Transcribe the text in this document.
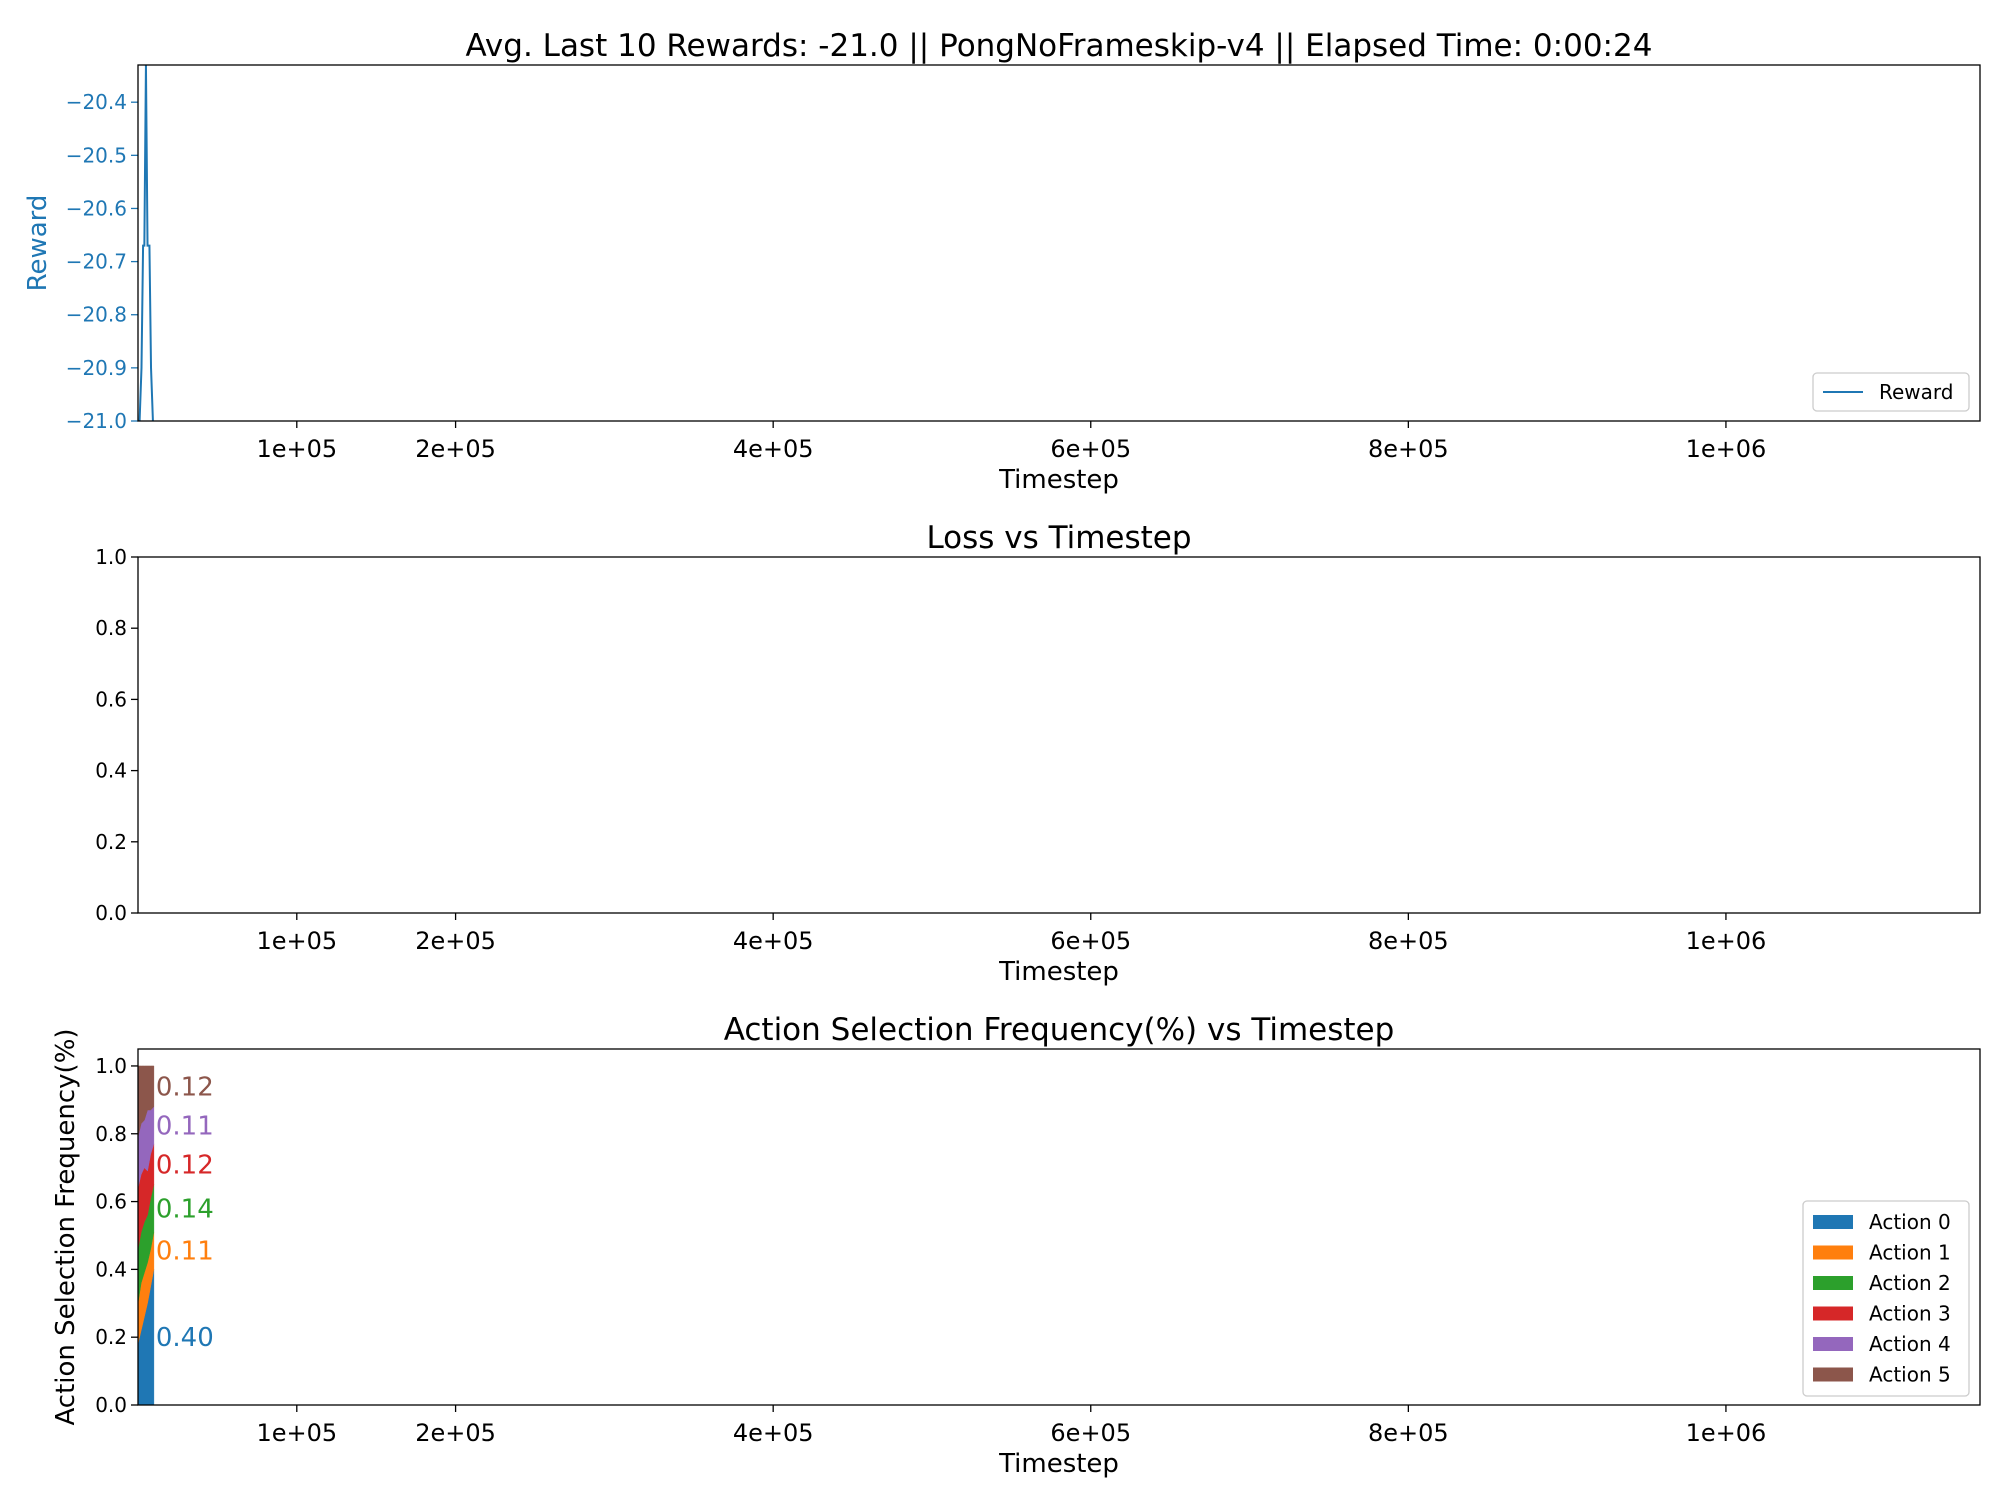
Avg. Last 10 Rewards: -21.0 || PongNoFrameskip-v4 || Elapsed Time: 0:00:24
1e+05	2e+05	4e+05	6e+05	8e+05	1e+06
Timestep
−21.0
−20.9
−20.8
−20.7
−20.6
−20.5
−20.4
Reward
Reward
Loss vs Timestep
1e+05	2e+05	4e+05	6e+05	8e+05	1e+06
Timestep
0.0
0.2
0.4
0.6
0.8
1.0
Action Selection Frequency(%) vs Timestep
1e+05	2e+05	4e+05	6e+05	8e+05	1e+06
Timestep
0.0
0.2
0.4
0.6
0.8
1.0
Action Selection Frequency(%)	0.40
0.11
0.14
0.12
0.11
0.12
Action 0
Action 1
Action 2
Action 3
Action 4
Action 5
